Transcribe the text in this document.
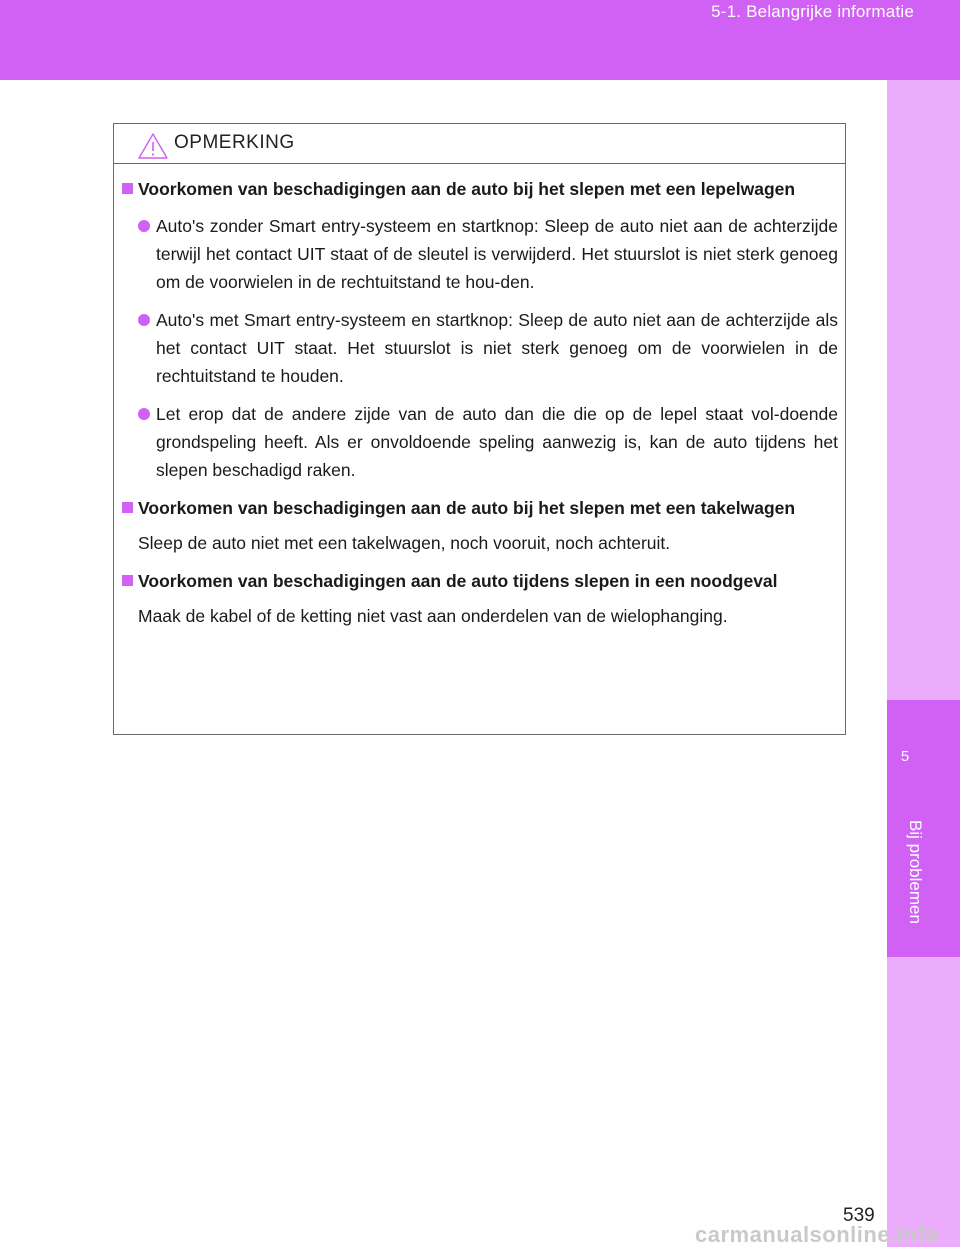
5-1. Belangrijke informatie
5
Bij problemen
OPMERKING
Voorkomen van beschadigingen aan de auto bij het slepen met een lepelwagen
Auto's zonder Smart entry-systeem en startknop: Sleep de auto niet aan de achterzijde terwijl het contact UIT staat of de sleutel is verwijderd. Het stuurslot is niet sterk genoeg om de voorwielen in de rechtuitstand te hou-den.
Auto's met Smart entry-systeem en startknop: Sleep de auto niet aan de achterzijde als het contact UIT staat. Het stuurslot is niet sterk genoeg om de voorwielen in de rechtuitstand te houden.
Let erop dat de andere zijde van de auto dan die die op de lepel staat vol-doende grondspeling heeft. Als er onvoldoende speling aanwezig is, kan de auto tijdens het slepen beschadigd raken.
Voorkomen van beschadigingen aan de auto bij het slepen met een takelwagen
Sleep de auto niet met een takelwagen, noch vooruit, noch achteruit.
Voorkomen van beschadigingen aan de auto tijdens slepen in een noodgeval
Maak de kabel of de ketting niet vast aan onderdelen van de wielophanging.
539
carmanualsonline.info
